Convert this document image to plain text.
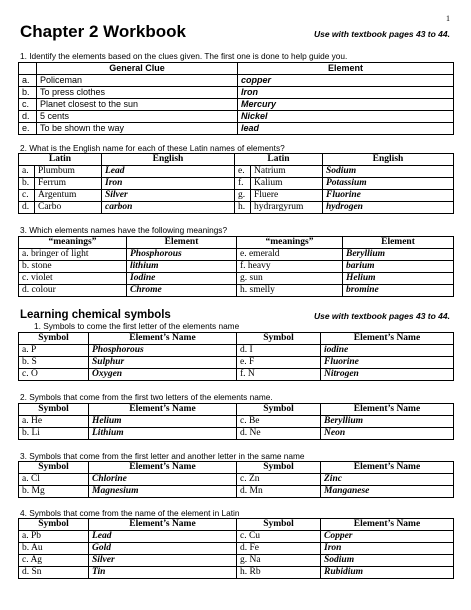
1
Chapter 2 Workbook	Use with textbook pages 43 to 44.
1. Identify the elements based on the clues given. The first one is done to help guide you.
	General Clue	Element
a.	Policeman	copper
b.	To press clothes	Iron
c.	Planet closest to the sun	Mercury
d.	5 cents	Nickel
e.	To be shown the way	lead
2. What is the English name for each of these Latin names of elements?
Latin		English	Latin		English
a.	Plumbum	Lead	e.	Natrium	Sodium
b.	Ferrum	Iron	f.	Kalium	Potassium
c.	Argentum	Silver	g.	Fluere	Fluorine
d.	Carbo	carbon	h.	hydrargyrum	hydrogen
3. Which elements names have the following meanings?
“meanings”	Element	“meanings”	Element
a. bringer of light	Phosphorous	e. emerald	Beryllium
b. stone	lithium	f. heavy	barium
c. violet	Iodine	g. sun	Helium
d. colour	Chrome	h. smelly	bromine
Learning chemical symbols	Use with textbook pages 43 to 44.
1. Symbols to come the first letter of the elements name
Symbol	Element’s Name	Symbol	Element’s Name
a. P	Phosphorous	d. I	iodine
b. S	Sulphur	e. F	Fluorine
c. O	Oxygen	f. N	Nitrogen
2. Symbols that come from the first two letters of the elements name.
Symbol	Element’s Name	Symbol	Element’s Name
a. He	Helium	c. Be	Beryllium
b. Li	Lithium	d. Ne	Neon
3. Symbols that come from the first letter and another letter in the same name
Symbol	Element’s Name	Symbol	Element’s Name
a. Cl	Chlorine	c. Zn	Zinc
b. Mg	Magnesium	d. Mn	Manganese
4. Symbols that come from the name of the element in Latin
Symbol	Element’s Name	Symbol	Element’s Name
a. Pb	Lead	c. Cu	Copper
b. Au	Gold	d. Fe	Iron
c. Ag	Silver	g. Na	Sodium
d. Sn	Tin	h. Rb	Rubidium
